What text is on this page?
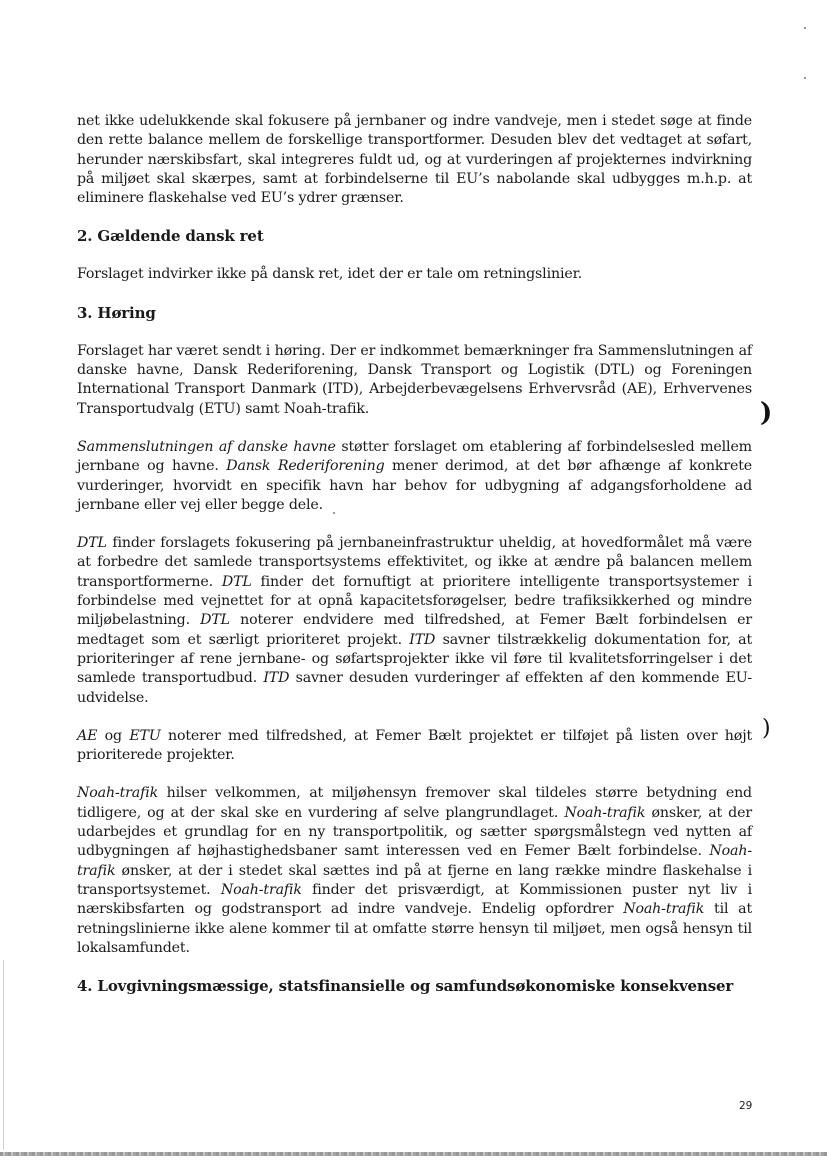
net ikke udelukkende skal fokusere på jernbaner og indre vandveje, men i stedet søge at finde den rette balance mellem de forskellige transportformer. Desuden blev det vedtaget at søfart, herunder nærskibsfart, skal integreres fuldt ud, og at vurderingen af projekternes indvirkning på miljøet skal skærpes, samt at forbindelserne til EU’s nabolande skal udbygges m.h.p. at eliminere flaskehalse ved EU’s ydrer grænser.

2. Gældende dansk ret

Forslaget indvirker ikke på dansk ret, idet der er tale om retningslinier.

3. Høring

Forslaget har været sendt i høring. Der er indkommet bemærkninger fra Sammenslutningen af danske havne, Dansk Rederiforening, Dansk Transport og Logistik (DTL) og Foreningen International Transport Danmark (ITD), Arbejderbevægelsens Erhvervsråd (AE), Erhvervenes Transportudvalg (ETU) samt Noah-trafik.

Sammenslutningen af danske havne støtter forslaget om etablering af forbindelsesled mellem jernbane og havne. Dansk Rederiforening mener derimod, at det bør afhænge af konkrete vurderinger, hvorvidt en specifik havn har behov for udbygning af adgangsforholdene ad jernbane eller vej eller begge dele.

DTL finder forslagets fokusering på jernbaneinfrastruktur uheldig, at hovedformålet må være at forbedre det samlede transportsystems effektivitet, og ikke at ændre på balancen mellem transportformerne. DTL finder det fornuftigt at prioritere intelligente transportsystemer i forbindelse med vejnettet for at opnå kapacitetsforøgelser, bedre trafiksikkerhed og mindre miljøbelastning. DTL noterer endvidere med tilfredshed, at Femer Bælt forbindelsen er medtaget som et særligt prioriteret projekt. ITD savner tilstrækkelig dokumentation for, at prioriteringer af rene jernbane- og søfartsprojekter ikke vil føre til kvalitetsforringelser i det samlede transportudbud. ITD savner desuden vurderinger af effekten af den kommende EU-udvidelse.

AE og ETU noterer med tilfredshed, at Femer Bælt projektet er tilføjet på listen over højt prioriterede projekter.

Noah-trafik hilser velkommen, at miljøhensyn fremover skal tildeles større betydning end tidligere, og at der skal ske en vurdering af selve plangrundlaget. Noah-trafik ønsker, at der udarbejdes et grundlag for en ny transportpolitik, og sætter spørgsmålstegn ved nytten af udbygningen af højhastighedsbaner samt interessen ved en Femer Bælt forbindelse. Noah-trafik ønsker, at der i stedet skal sættes ind på at fjerne en lang række mindre flaskehalse i transportsystemet. Noah-trafik finder det prisværdigt, at Kommissionen puster nyt liv i nærskibsfarten og godstransport ad indre vandveje. Endelig opfordrer Noah-trafik til at retningslinierne ikke alene kommer til at omfatte større hensyn til miljøet, men også hensyn til lokalsamfundet.

4. Lovgivningsmæssige, statsfinansielle og samfundsøkonomiske konsekvenser
29
)
)
